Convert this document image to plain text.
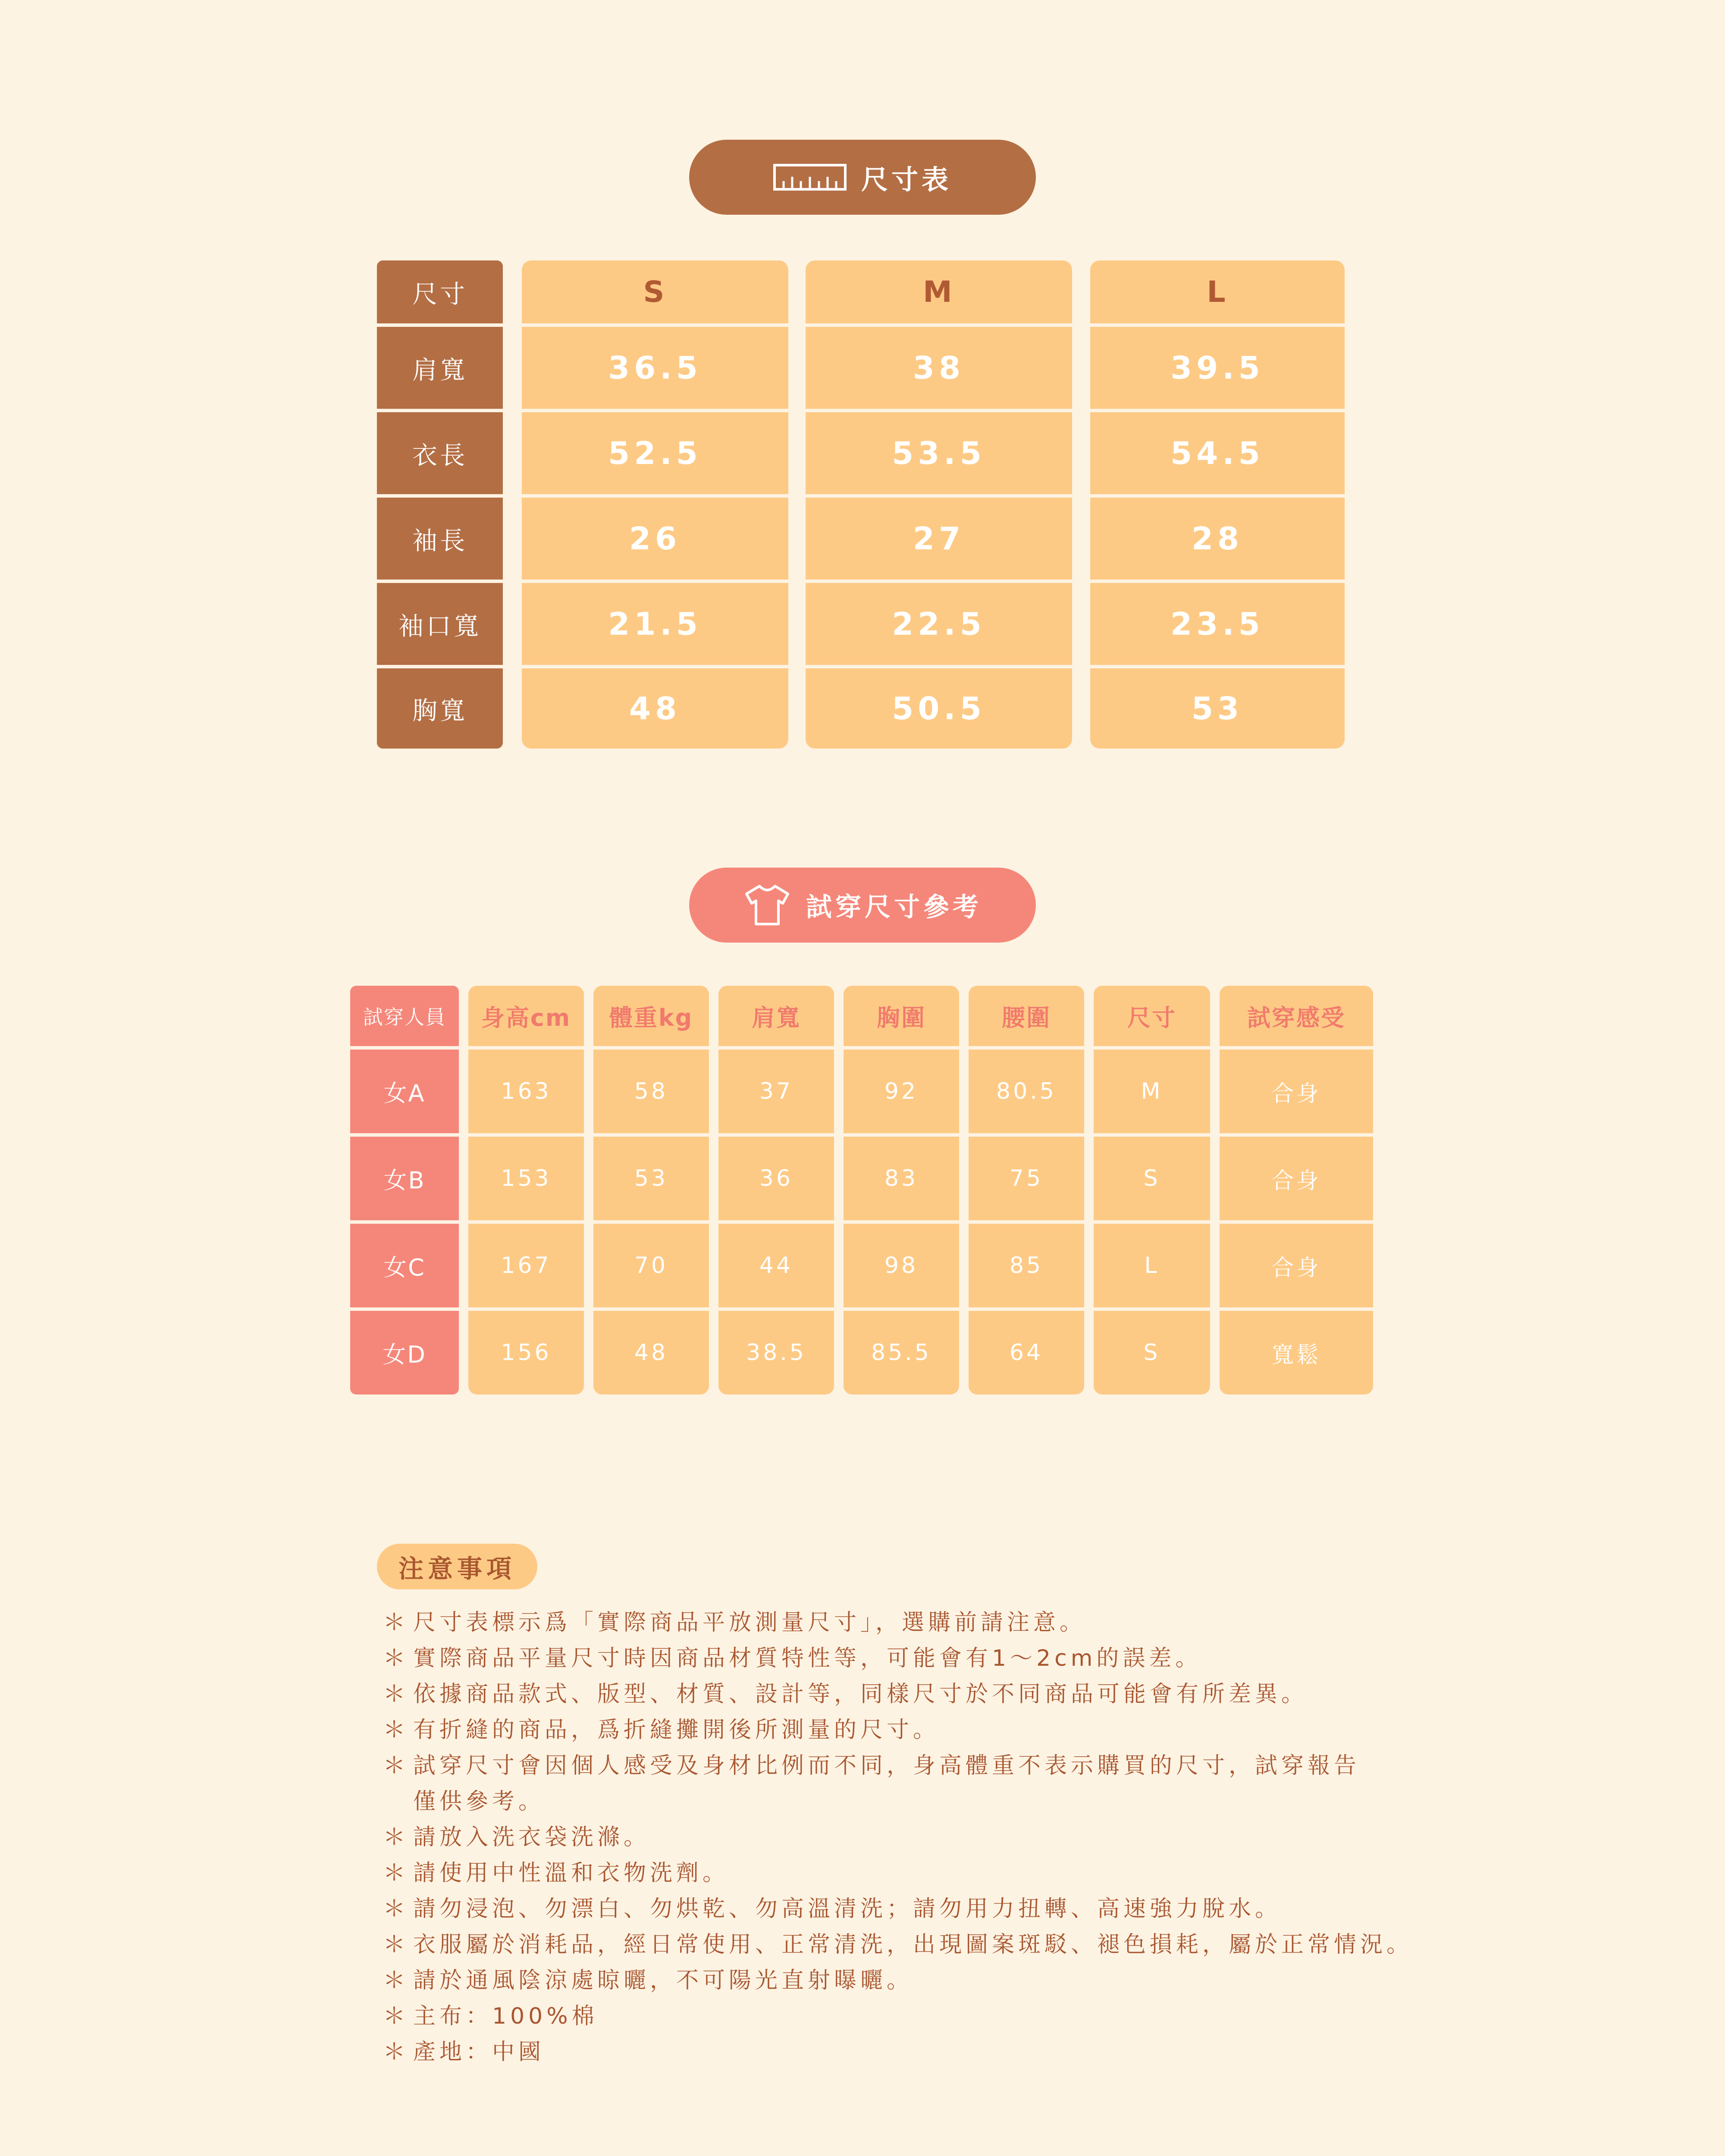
尺寸表
尺寸
肩寬
衣長
袖長
袖口寬
胸寬
S
36.5
52.5
26
21.5
48
M
38
53.5
27
22.5
50.5
L
39.5
54.5
28
23.5
53
試穿尺寸參考
試穿人員
女A
女B
女C
女D
身高cm
163
153
167
156
體重kg
58
53
70
48
肩寬
37
36
44
38.5
胸圍
92
83
98
85.5
腰圍
80.5
75
85
64
尺寸
M
S
L
S
試穿感受
合身
合身
合身
寬鬆
注意事項
＊ 尺寸表標示爲「實際商品平放測量尺寸」，選購前請注意。
＊ 實際商品平量尺寸時因商品材質特性等，可能會有1～2cm的誤差。
＊ 依據商品款式、版型、材質、設計等，同樣尺寸於不同商品可能會有所差異。
＊ 有折縫的商品，爲折縫攤開後所測量的尺寸。
＊ 試穿尺寸會因個人感受及身材比例而不同，身高體重不表示購買的尺寸，試穿報告
僅供參考。
＊ 請放入洗衣袋洗滌。
＊ 請使用中性溫和衣物洗劑。
＊ 請勿浸泡、勿漂白、勿烘乾、勿高溫清洗；請勿用力扭轉、高速強力脫水。
＊ 衣服屬於消耗品，經日常使用、正常清洗，出現圖案斑駁、褪色損耗，屬於正常情況。
＊ 請於通風陰涼處晾曬，不可陽光直射曝曬。
＊ 主布：100%棉
＊ 產地：中國
